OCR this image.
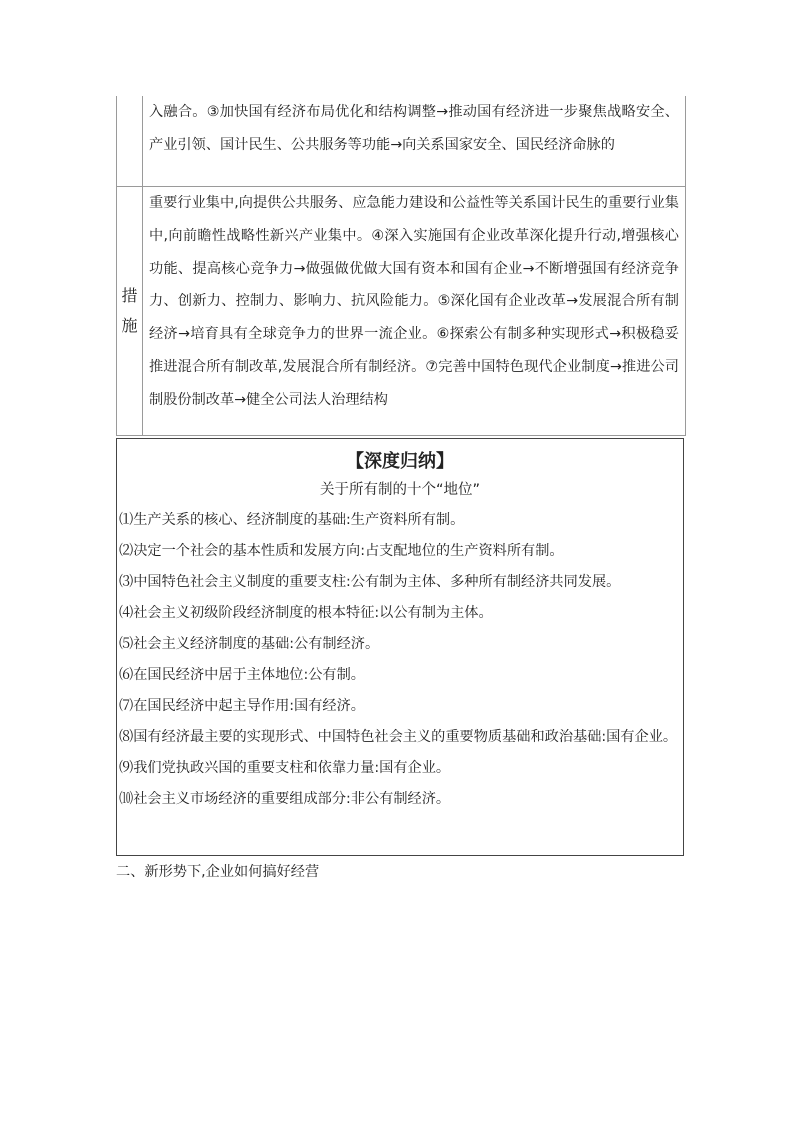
	入融合。③加快国有经济布局优化和结构调整→推动国有经济进一步聚焦战略安全、产业引领、国计民生、公共服务等功能→向关系国家安全、国民经济命脉的
措施	重要行业集中,向提供公共服务、应急能力建设和公益性等关系国计民生的重要行业集中,向前瞻性战略性新兴产业集中。④深入实施国有企业改革深化提升行动,增强核心功能、提高核心竞争力→做强做优做大国有资本和国有企业→不断增强国有经济竞争力、创新力、控制力、影响力、抗风险能力。⑤深化国有企业改革→发展混合所有制经济→培育具有全球竞争力的世界一流企业。⑥探索公有制多种实现形式→积极稳妥推进混合所有制改革,发展混合所有制经济。⑦完善中国特色现代企业制度→推进公司制股份制改革→健全公司法人治理结构
【深度归纳】
关于所有制的十个“地位”
⑴生产关系的核心、经济制度的基础:生产资料所有制。
⑵决定一个社会的基本性质和发展方向:占支配地位的生产资料所有制。
⑶中国特色社会主义制度的重要支柱:公有制为主体、多种所有制经济共同发展。
⑷社会主义初级阶段经济制度的根本特征:以公有制为主体。
⑸社会主义经济制度的基础:公有制经济。
⑹在国民经济中居于主体地位:公有制。
⑺在国民经济中起主导作用:国有经济。
⑻国有经济最主要的实现形式、中国特色社会主义的重要物质基础和政治基础:国有企业。
⑼我们党执政兴国的重要支柱和依靠力量:国有企业。
⑽社会主义市场经济的重要组成部分:非公有制经济。
二、新形势下,企业如何搞好经营
